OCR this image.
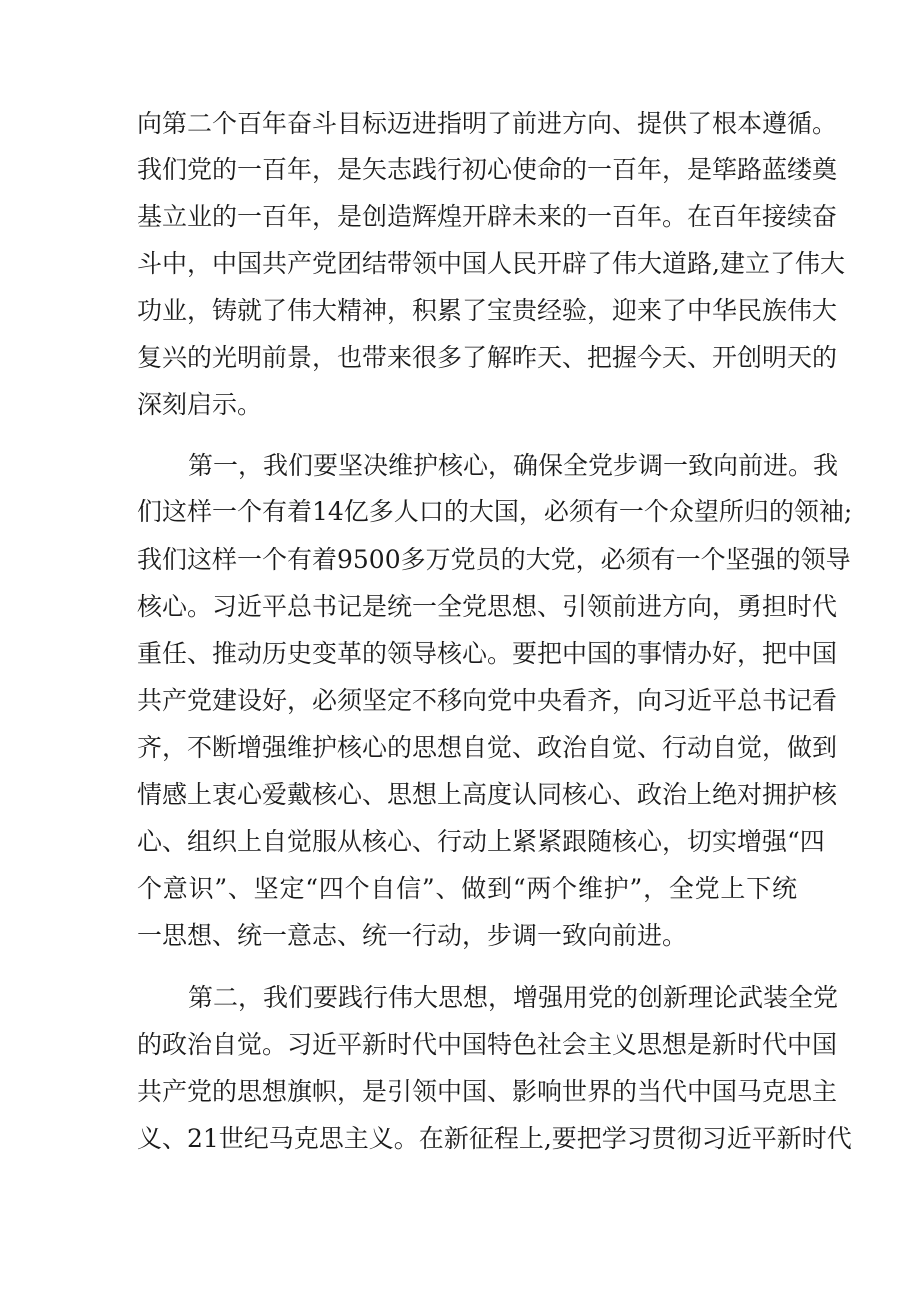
向第二个百年奋斗目标迈进指明了前进方向、提供了根本遵循。
我们党的一百年，是矢志践行初心使命的一百年，是筚路蓝缕奠
基立业的一百年，是创造辉煌开辟未来的一百年。在百年接续奋
斗中，中国共产党团结带领中国人民开辟了伟大道路,建立了伟大
功业，铸就了伟大精神，积累了宝贵经验，迎来了中华民族伟大
复兴的光明前景，也带来很多了解昨天、把握今天、开创明天的
深刻启示。
第一，我们要坚决维护核心，确保全党步调一致向前进。我
们这样一个有着14亿多人口的大国，必须有一个众望所归的领袖;
我们这样一个有着9500多万党员的大党，必须有一个坚强的领导
核心。习近平总书记是统一全党思想、引领前进方向，勇担时代
重任、推动历史变革的领导核心。要把中国的事情办好，把中国
共产党建设好，必须坚定不移向党中央看齐，向习近平总书记看
齐，不断增强维护核心的思想自觉、政治自觉、行动自觉，做到
情感上衷心爱戴核心、思想上高度认同核心、政治上绝对拥护核
心、组织上自觉服从核心、行动上紧紧跟随核心，切实增强“四
个意识”、坚定“四个自信”、做到“两个维护”，全党上下统
一思想、统一意志、统一行动，步调一致向前进。
第二，我们要践行伟大思想，增强用党的创新理论武装全党
的政治自觉。习近平新时代中国特色社会主义思想是新时代中国
共产党的思想旗帜，是引领中国、影响世界的当代中国马克思主
义、21世纪马克思主义。在新征程上,要把学习贯彻习近平新时代
